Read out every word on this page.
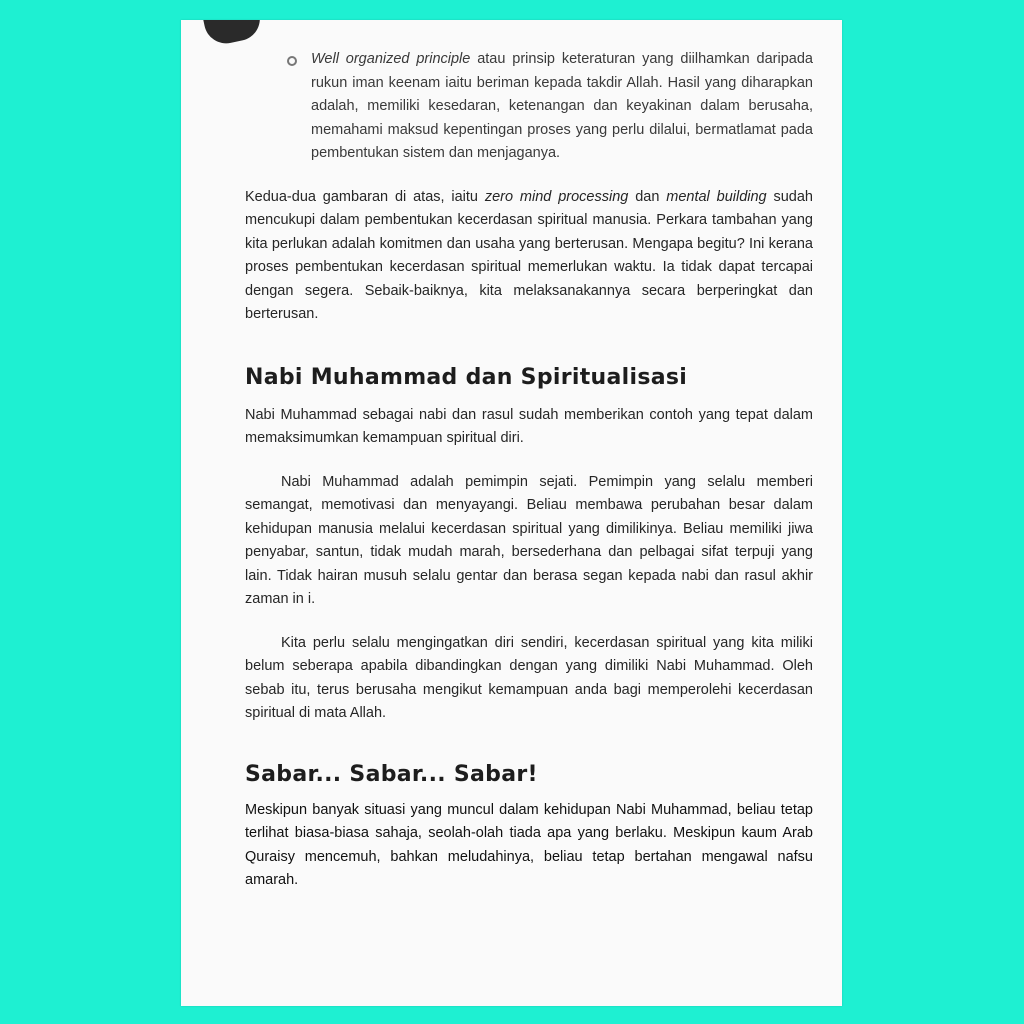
Well organized principle atau prinsip keteraturan yang diilhamkan daripada rukun iman keenam iaitu beriman kepada takdir Allah. Hasil yang diharapkan adalah, memiliki kesedaran, ketenangan dan keyakinan dalam berusaha, memahami maksud kepentingan proses yang perlu dilalui, bermatlamat pada pembentukan sistem dan menjaganya.

Kedua-dua gambaran di atas, iaitu zero mind processing dan mental building sudah mencukupi dalam pembentukan kecerdasan spiritual manusia. Perkara tambahan yang kita perlukan adalah komitmen dan usaha yang berterusan. Mengapa begitu? Ini kerana proses pembentukan kecerdasan spiritual memerlukan waktu. Ia tidak dapat tercapai dengan segera. Sebaik-baiknya, kita melaksanakannya secara berperingkat dan berterusan.

Nabi Muhammad dan Spiritualisasi

Nabi Muhammad sebagai nabi dan rasul sudah memberikan contoh yang tepat dalam memaksimumkan kemampuan spiritual diri.

Nabi Muhammad adalah pemimpin sejati. Pemimpin yang selalu memberi semangat, memotivasi dan menyayangi. Beliau membawa perubahan besar dalam kehidupan manusia melalui kecerdasan spiritual yang dimilikinya. Beliau memiliki jiwa penyabar, santun, tidak mudah marah, bersederhana dan pelbagai sifat terpuji yang lain. Tidak hairan musuh selalu gentar dan berasa segan kepada nabi dan rasul akhir zaman in i.

Kita perlu selalu mengingatkan diri sendiri, kecerdasan spiritual yang kita miliki belum seberapa apabila dibandingkan dengan yang dimiliki Nabi Muhammad. Oleh sebab itu, terus berusaha mengikut kemampuan anda bagi memperolehi kecerdasan spiritual di mata Allah.

Sabar... Sabar... Sabar!

Meskipun banyak situasi yang muncul dalam kehidupan Nabi Muhammad, beliau tetap terlihat biasa-biasa sahaja, seolah-olah tiada apa yang berlaku. Meskipun kaum Arab Quraisy mencemuh, bahkan meludahinya, beliau tetap bertahan mengawal nafsu amarah.
